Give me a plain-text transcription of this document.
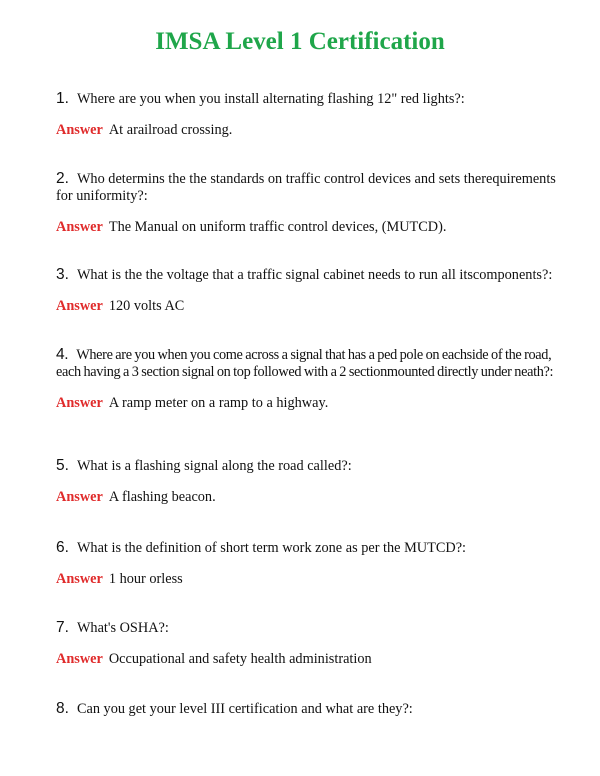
IMSA Level 1 Certification

1. Where are you when you install alternating flashing 12" red lights?:

Answer At arailroad crossing.

2. Who determins the the standards on traffic control devices and sets therequirements for uniformity?:

Answer The Manual on uniform traffic control devices, (MUTCD).

3. What is the the voltage that a traffic signal cabinet needs to run all itscomponents?:

Answer 120 volts AC

4. Where are you when you come across a signal that has a ped pole on eachside of the road, each having a 3 section signal on top followed with a 2 sectionmounted directly under neath?:

Answer A ramp meter on a ramp to a highway.

5. What is a flashing signal along the road called?:

Answer A flashing beacon.

6. What is the definition of short term work zone as per the MUTCD?:

Answer 1 hour orless

7. What's OSHA?:

Answer Occupational and safety health administration

8. Can you get your level III certification and what are they?:
